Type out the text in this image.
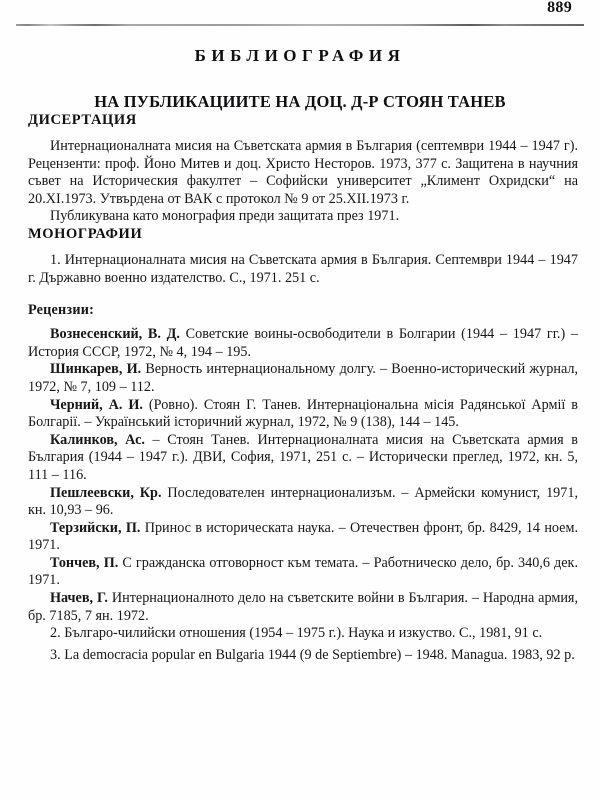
889
БИБЛИОГРАФИЯ
НА ПУБЛИКАЦИИТЕ НА ДОЦ. Д-Р СТОЯН ТАНЕВ
ДИСЕРТАЦИЯ

Интернационалната мисия на Съветската армия в България (септември 1944 – 1947 г). Рецензенти: проф. Йоно Митев и доц. Христо Несторов. 1973, 377 с. Защитена в научния съвет на Историческия факултет – Софийски университет „Климент Охридски“ на 20.XI.1973. Утвърдена от ВАК с протокол № 9 от 25.XII.1973 г.

Публикувана като монография преди защитата през 1971.

МОНОГРАФИИ

1. Интернационалната мисия на Съветската армия в България. Септември 1944 – 1947 г. Държавно военно издателство. С., 1971. 251 с.

Рецензии:

Вознесенский, В. Д. Советские воины-освободители в Болгарии (1944 – 1947 гг.) – История СССР, 1972, № 4, 194 – 195.

Шинкарев, И. Верность интернациональному долгу. – Военно-исторический журнал, 1972, № 7, 109 – 112.

Черний, А. И. (Ровно). Стоян Г. Танев. Интернаціональна місія Радянської Армії в Болгарії. – Український історичний журнал, 1972, № 9 (138), 144 – 145.

Калинков, Ас. – Стоян Танев. Интернационалната мисия на Съветската армия в България (1944 – 1947 г.). ДВИ, София, 1971, 251 с. – Исторически преглед, 1972, кн. 5, 111 – 116.

Пешлеевски, Кр. Последователен интернационализъм. – Армейски комунист, 1971, кн. 10,93 – 96.

Терзийски, П. Принос в историческата наука. – Отечествен фронт, бр. 8429, 14 ноем. 1971.

Тончев, П. С гражданска отговорност към темата. – Работническо дело, бр. 340,6 дек. 1971.

Начев, Г. Интернационалното дело на съветските войни в България. – Народна армия, бр. 7185, 7 ян. 1972.

2. Българо-чилийски отношения (1954 – 1975 г.). Наука и изкуство. С., 1981, 91 с.

3. La democracia popular en Bulgaria 1944 (9 de Septiembre) – 1948. Managua. 1983, 92 p.
